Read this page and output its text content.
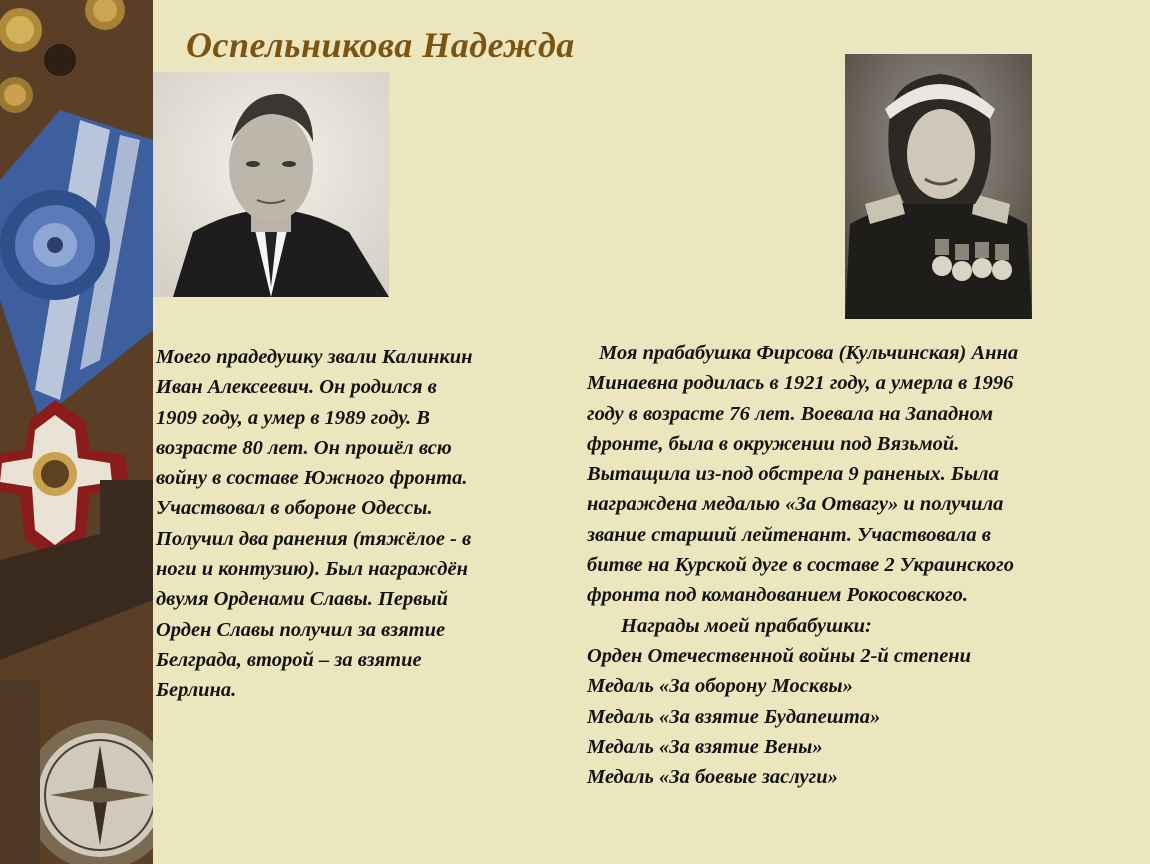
Оспельникова Надежда
Моего прадедушку звали Калинкин
Иван Алексеевич. Он родился в
1909 году, а умер в 1989 году. В
возрасте 80 лет. Он прошёл всю
войну в составе Южного фронта.
Участвовал в обороне Одессы.
Получил два ранения (тяжёлое - в
ноги и контузию). Был награждён
двумя Орденами Славы. Первый
Орден Славы получил за взятие
Белграда, второй – за взятие
Берлина.
Моя прабабушка Фирсова (Кульчинская) Анна
Минаевна родилась в 1921 году, а умерла в 1996
году в возрасте 76 лет. Воевала на Западном
фронте, была в окружении под Вязьмой.
Вытащила из-под обстрела 9 раненых. Была
награждена медалью «За Отвагу» и получила
звание старший лейтенант. Участвовала в
битве на Курской дуге в составе 2 Украинского
фронта под командованием Рокосовского.
Награды моей прабабушки:
Орден Отечественной войны 2-й степени
Медаль «За оборону Москвы»
Медаль «За взятие Будапешта»
Медаль «За взятие Вены»
Медаль «За боевые заслуги»
